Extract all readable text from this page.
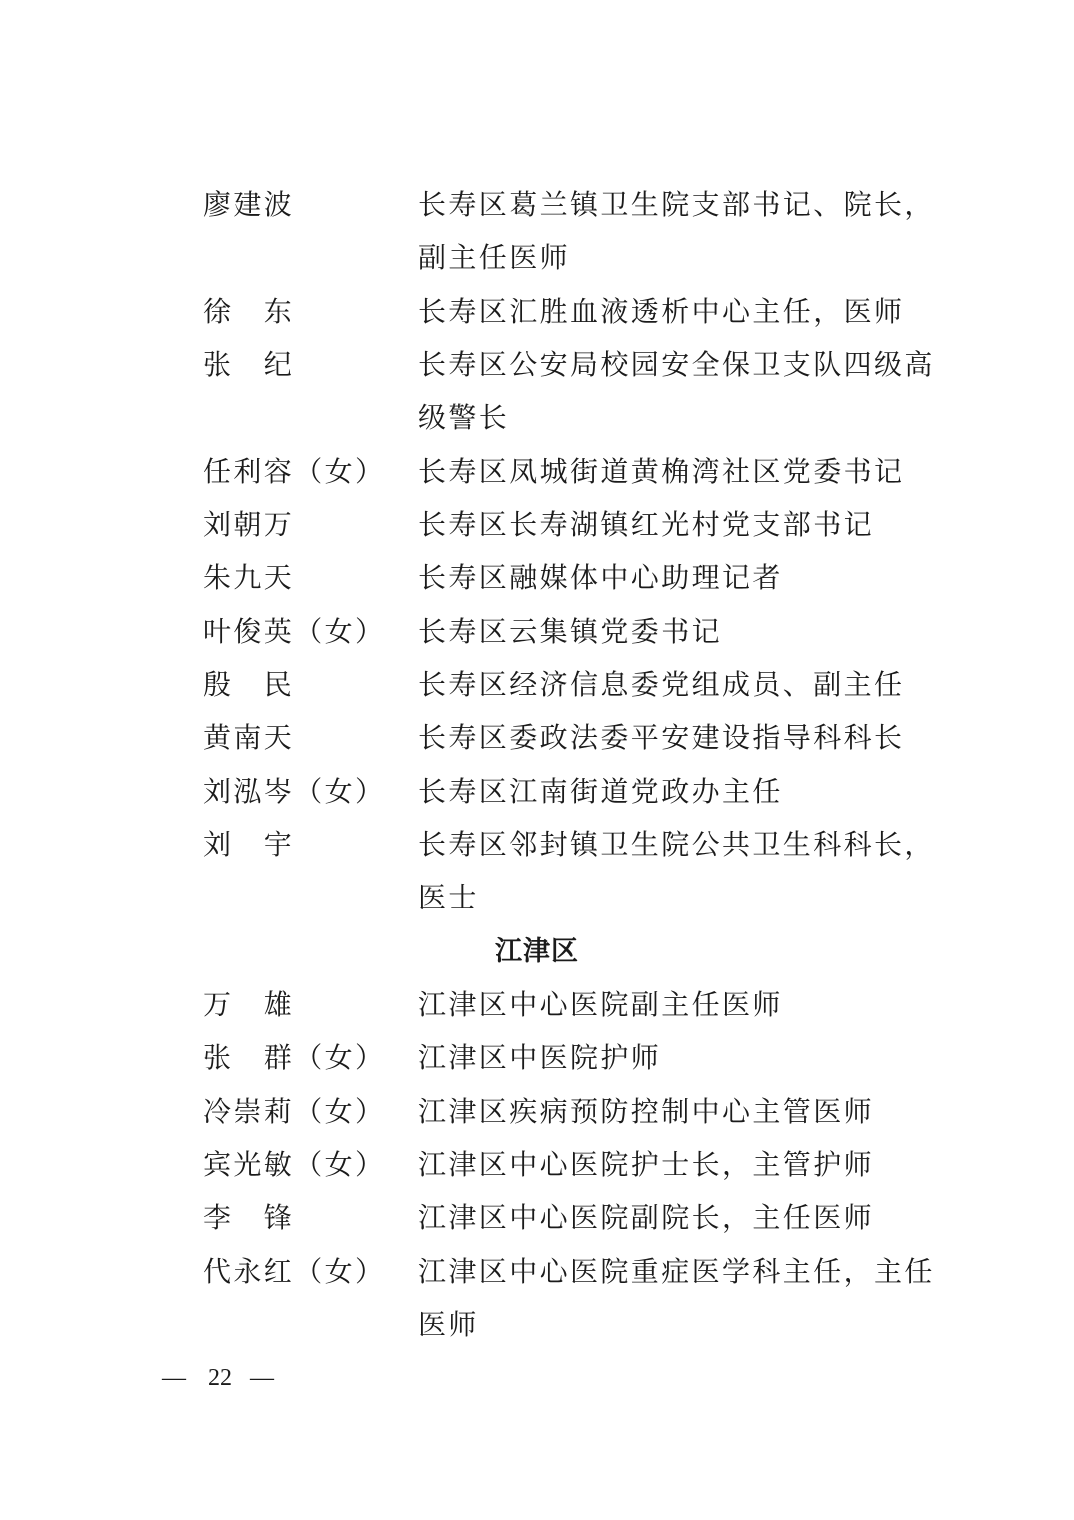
廖建波	长寿区葛兰镇卫生院支部书记、院长，
副主任医师
徐　东	长寿区汇胜血液透析中心主任，医师
张　纪	长寿区公安局校园安全保卫支队四级高
级警长
任利容（女） 长寿区凤城街道黄桷湾社区党委书记
刘朝万	长寿区长寿湖镇红光村党支部书记
朱九天	长寿区融媒体中心助理记者
叶俊英（女） 长寿区云集镇党委书记
殷　民	长寿区经济信息委党组成员、副主任
黄南天	长寿区委政法委平安建设指导科科长
刘泓岑（女） 长寿区江南街道党政办主任
刘　宇	长寿区邻封镇卫生院公共卫生科科长，
医士
江津区
万　雄	江津区中心医院副主任医师
张　群（女） 江津区中医院护师
冷崇莉（女） 江津区疾病预防控制中心主管医师
宾光敏（女） 江津区中心医院护士长，主管护师
李　锋	江津区中心医院副院长，主任医师
代永红（女） 江津区中心医院重症医学科主任，主任
医师
— 22 —
